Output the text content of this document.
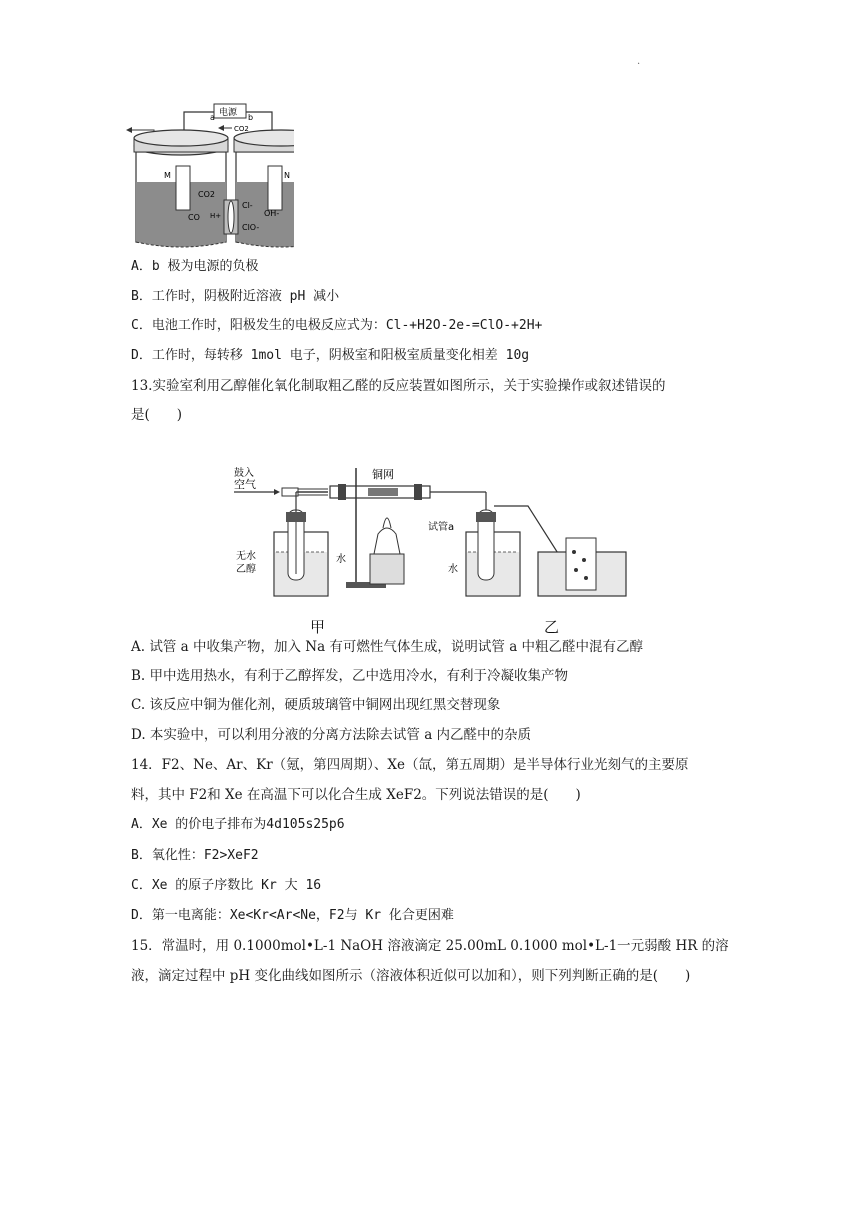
.
电源
a	b
CO2
M	N
CO2
CO H+
Cl-
OH-
ClO-
A．b 极为电源的负极
B．工作时，阴极附近溶液 pH 减小
C．电池工作时，阳极发生的电极反应式为：Cl-+H2O-2e-=ClO-+2H+
D．工作时，每转移 1mol 电子，阴极室和阳极室质量变化相差 10g
13.实验室利用乙醇催化氧化制取粗乙醛的反应装置如图所示，关于实验操作或叙述错误的
是(　　)
鼓入
空气
无水
乙醇
水
铜网
试管a
水
甲	乙
A. 试管 a 中收集产物，加入 Na 有可燃性气体生成，说明试管 a 中粗乙醛中混有乙醇
B. 甲中选用热水，有利于乙醇挥发，乙中选用冷水，有利于冷凝收集产物
C. 该反应中铜为催化剂，硬质玻璃管中铜网出现红黑交替现象
D. 本实验中，可以利用分液的分离方法除去试管 a 内乙醛中的杂质
14．F2、Ne、Ar、Kr（氪，第四周期）、Xe（氙，第五周期）是半导体行业光刻气的主要原
料，其中 F2和 Xe 在高温下可以化合生成 XeF2。下列说法错误的是(　　)
A．Xe 的价电子排布为4d105s25p6
B．氧化性：F2>XeF2
C．Xe 的原子序数比 Kr 大 16
D．第一电离能：Xe<Kr<Ar<Ne，F2与 Kr 化合更困难
15．常温时，用 0.1000mol•L-1 NaOH 溶液滴定 25.00mL 0.1000 mol•L-1一元弱酸 HR 的溶
液，滴定过程中 pH 变化曲线如图所示（溶液体积近似可以加和），则下列判断正确的是(　　)
